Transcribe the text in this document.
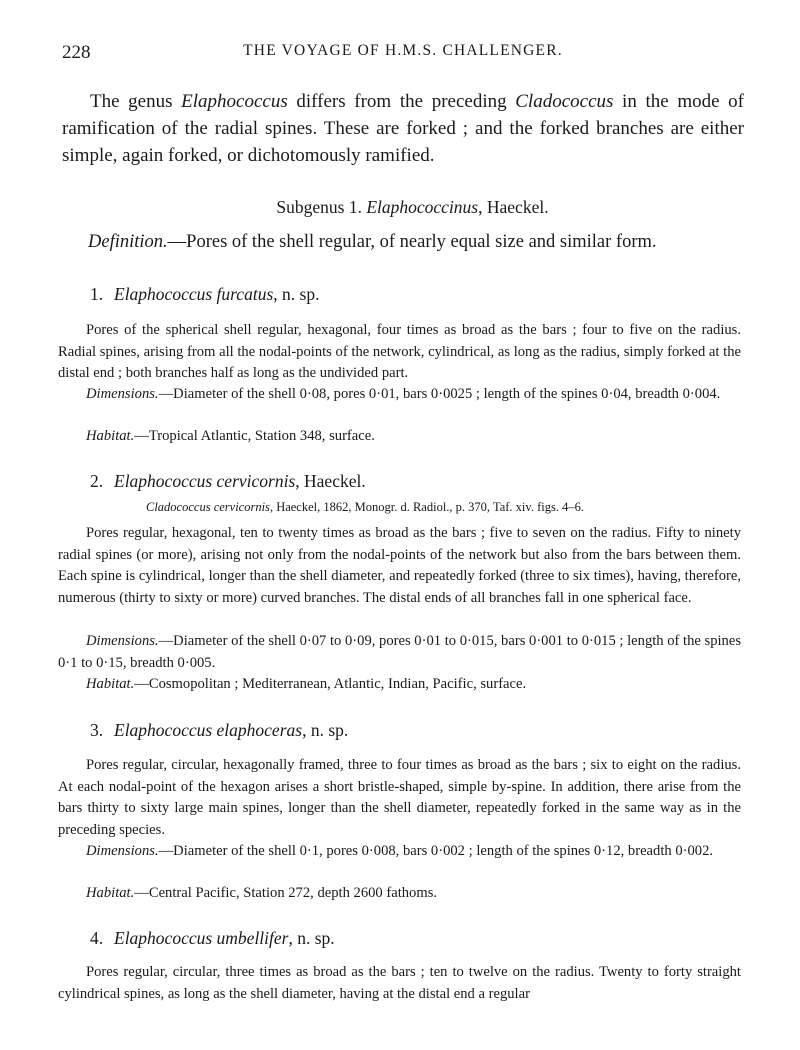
228	THE VOYAGE OF H.M.S. CHALLENGER.

The genus Elaphococcus differs from the preceding Cladococcus in the mode of ramification of the radial spines. These are forked ; and the forked branches are either simple, again forked, or dichotomously ramified.

Subgenus 1. Elaphococcinus, Haeckel.

Definition.—Pores of the shell regular, of nearly equal size and similar form.

1. Elaphococcus furcatus, n. sp.

Pores of the spherical shell regular, hexagonal, four times as broad as the bars ; four to five on the radius. Radial spines, arising from all the nodal-points of the network, cylindrical, as long as the radius, simply forked at the distal end ; both branches half as long as the undivided part.

Dimensions.—Diameter of the shell 0·08, pores 0·01, bars 0·0025 ; length of the spines 0·04, breadth 0·004.

Habitat.—Tropical Atlantic, Station 348, surface.

2. Elaphococcus cervicornis, Haeckel.

Cladococcus cervicornis, Haeckel, 1862, Monogr. d. Radiol., p. 370, Taf. xiv. figs. 4–6.

Pores regular, hexagonal, ten to twenty times as broad as the bars ; five to seven on the radius. Fifty to ninety radial spines (or more), arising not only from the nodal-points of the network but also from the bars between them. Each spine is cylindrical, longer than the shell diameter, and repeatedly forked (three to six times), having, therefore, numerous (thirty to sixty or more) curved branches. The distal ends of all branches fall in one spherical face.

Dimensions.—Diameter of the shell 0·07 to 0·09, pores 0·01 to 0·015, bars 0·001 to 0·015 ; length of the spines 0·1 to 0·15, breadth 0·005.

Habitat.—Cosmopolitan ; Mediterranean, Atlantic, Indian, Pacific, surface.

3. Elaphococcus elaphoceras, n. sp.

Pores regular, circular, hexagonally framed, three to four times as broad as the bars ; six to eight on the radius. At each nodal-point of the hexagon arises a short bristle-shaped, simple by-spine. In addition, there arise from the bars thirty to sixty large main spines, longer than the shell diameter, repeatedly forked in the same way as in the preceding species.

Dimensions.—Diameter of the shell 0·1, pores 0·008, bars 0·002 ; length of the spines 0·12, breadth 0·002.

Habitat.—Central Pacific, Station 272, depth 2600 fathoms.

4. Elaphococcus umbellifer, n. sp.

Pores regular, circular, three times as broad as the bars ; ten to twelve on the radius. Twenty to forty straight cylindrical spines, as long as the shell diameter, having at the distal end a regular
